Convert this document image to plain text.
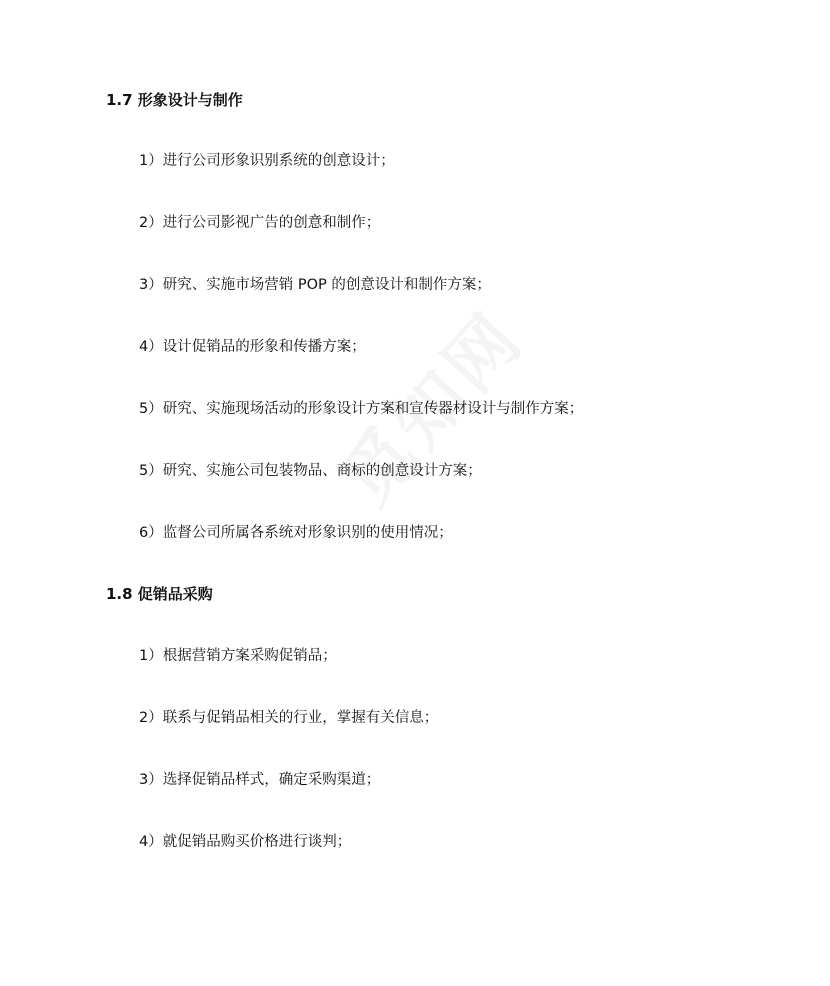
1.7 形象设计与制作
1）进行公司形象识别系统的创意设计；
2）进行公司影视广告的创意和制作；
3）研究、实施市场营销 POP 的创意设计和制作方案；
4）设计促销品的形象和传播方案；
5）研究、实施现场活动的形象设计方案和宣传器材设计与制作方案；
5）研究、实施公司包装物品、商标的创意设计方案；
6）监督公司所属各系统对形象识别的使用情况；
1.8 促销品采购
1）根据营销方案采购促销品；
2）联系与促销品相关的行业，掌握有关信息；
3）选择促销品样式，确定采购渠道；
4）就促销品购买价格进行谈判；
